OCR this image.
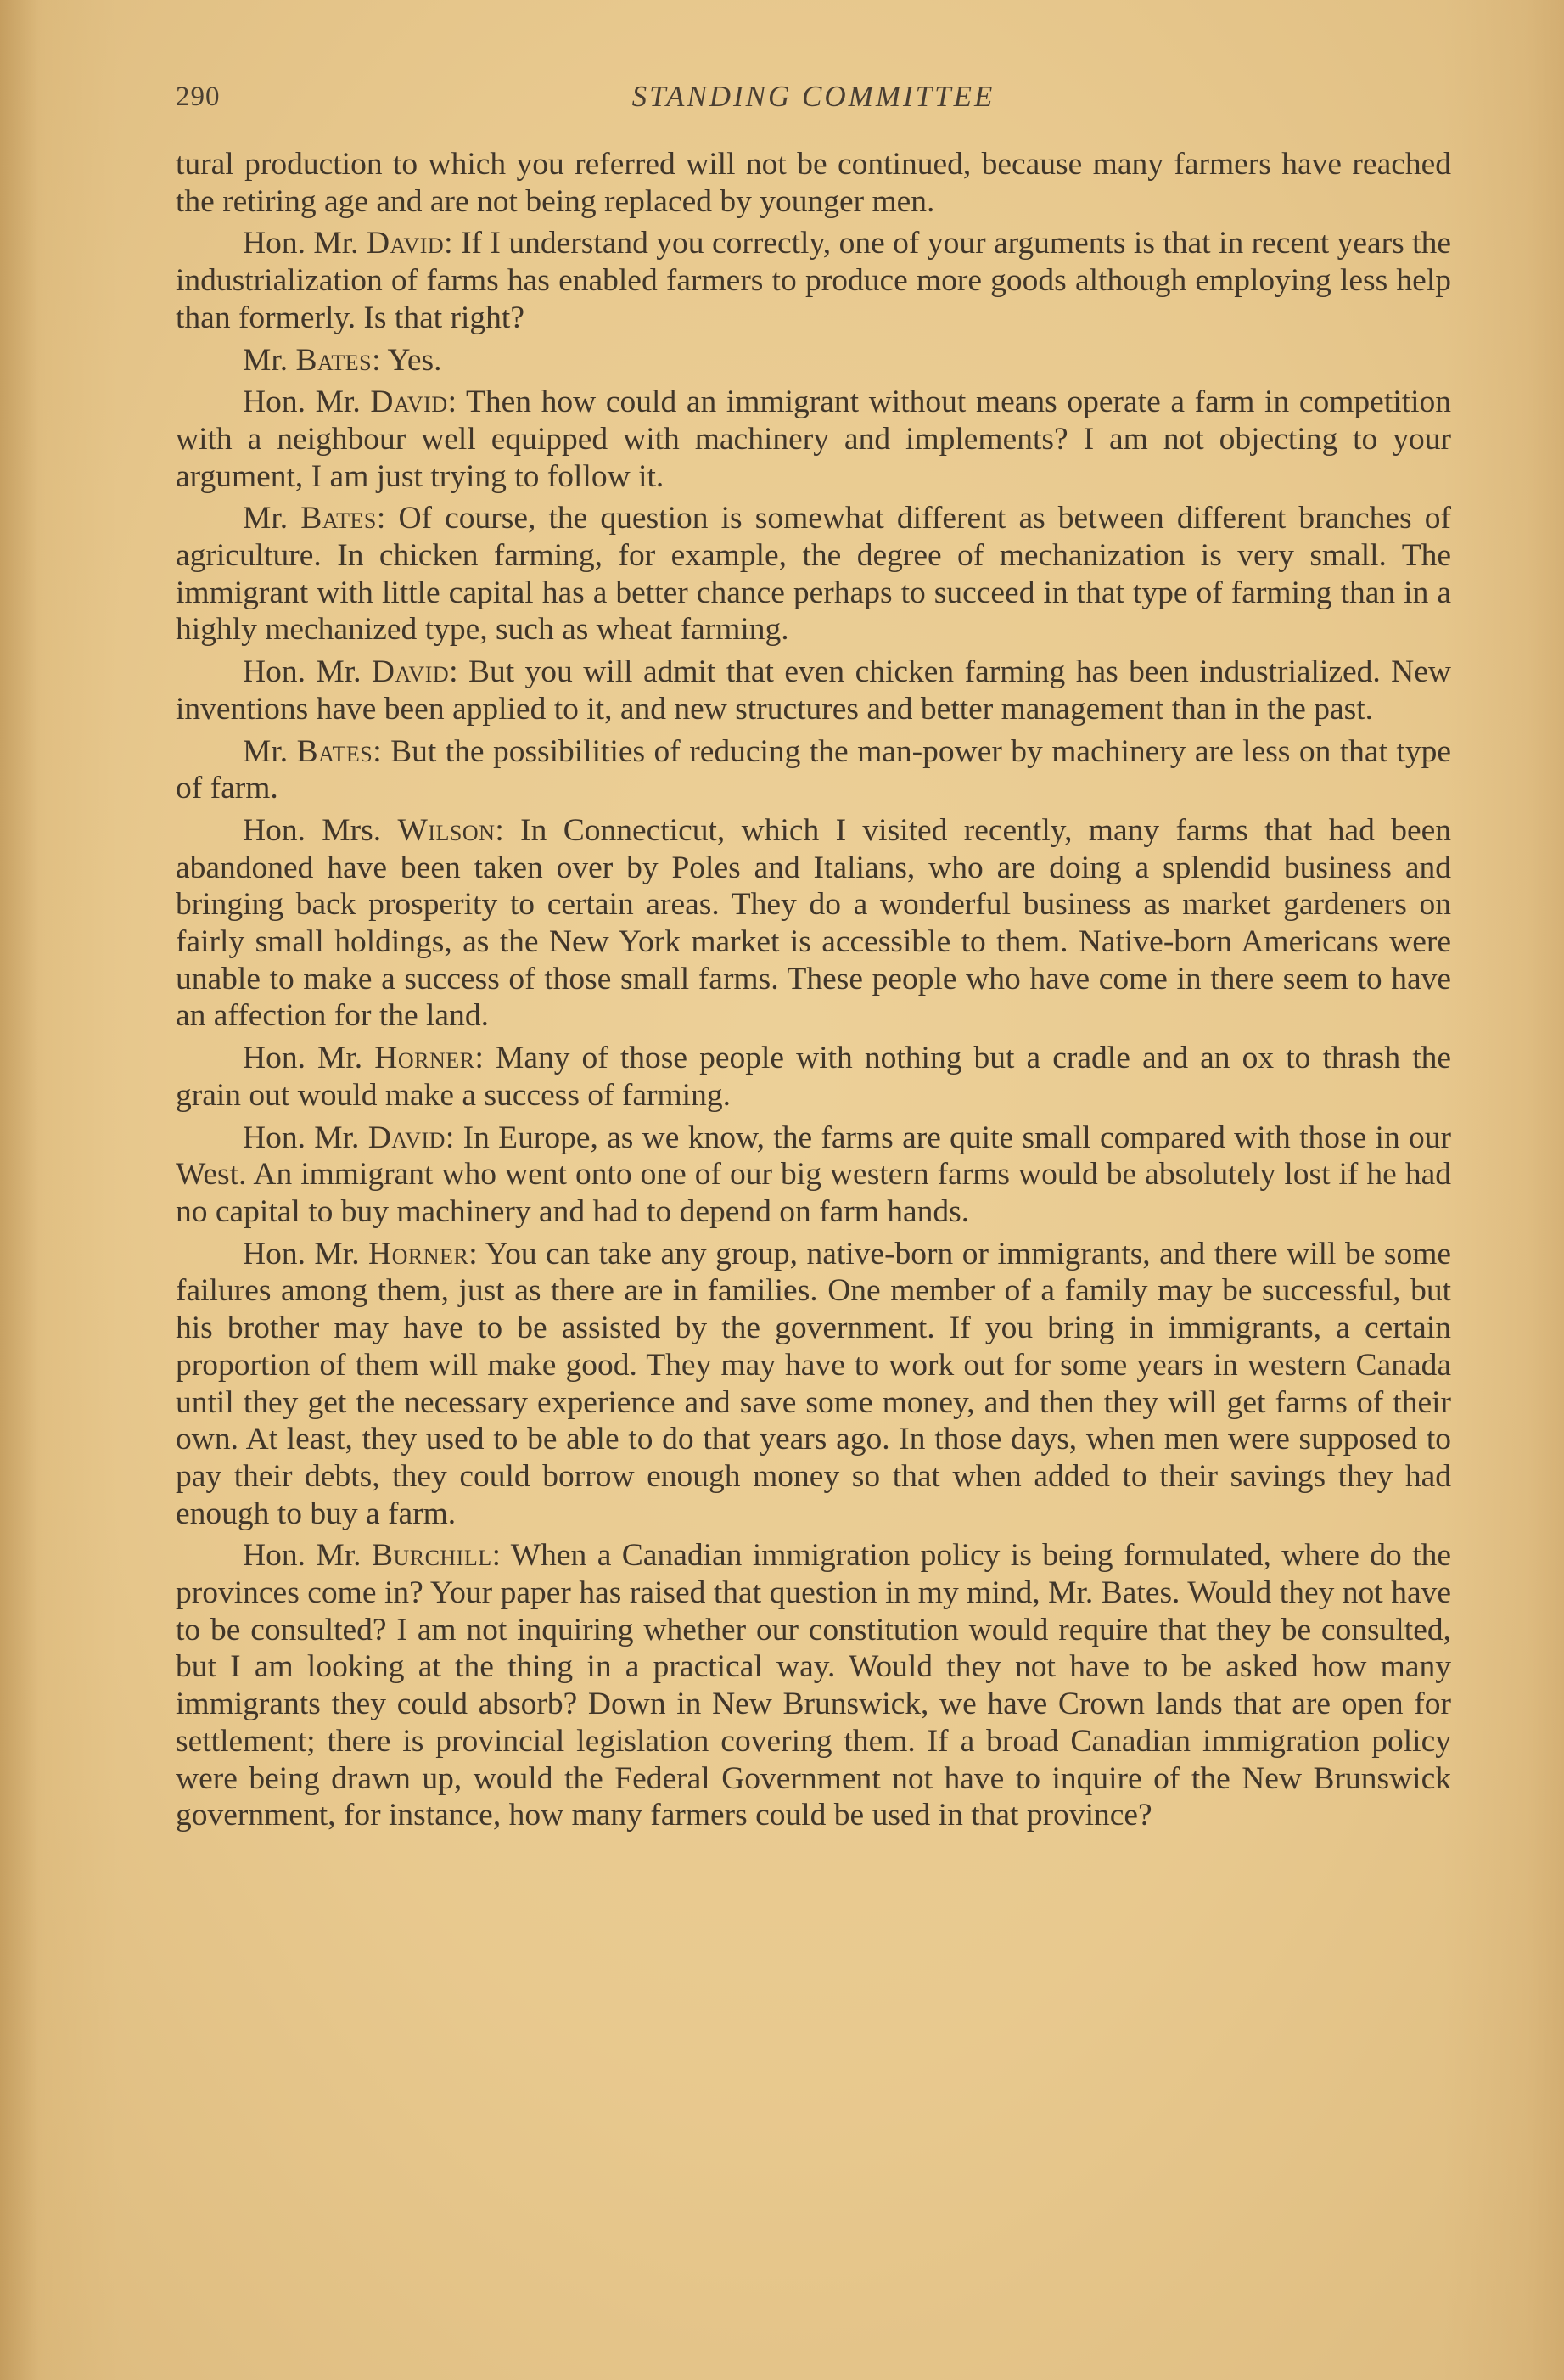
290	STANDING COMMITTEE

tural production to which you referred will not be continued, because many farmers have reached the retiring age and are not being replaced by younger men.

Hon. Mr. David: If I understand you correctly, one of your arguments is that in recent years the industrialization of farms has enabled farmers to produce more goods although employing less help than formerly. Is that right?

Mr. Bates: Yes.

Hon. Mr. David: Then how could an immigrant without means operate a farm in competition with a neighbour well equipped with machinery and implements? I am not objecting to your argument, I am just trying to follow it.

Mr. Bates: Of course, the question is somewhat different as between different branches of agriculture. In chicken farming, for example, the degree of mechanization is very small. The immigrant with little capital has a better chance perhaps to succeed in that type of farming than in a highly mechanized type, such as wheat farming.

Hon. Mr. David: But you will admit that even chicken farming has been industrialized. New inventions have been applied to it, and new structures and better management than in the past.

Mr. Bates: But the possibilities of reducing the man-power by machinery are less on that type of farm.

Hon. Mrs. Wilson: In Connecticut, which I visited recently, many farms that had been abandoned have been taken over by Poles and Italians, who are doing a splendid business and bringing back prosperity to certain areas. They do a wonderful business as market gardeners on fairly small holdings, as the New York market is accessible to them. Native-born Americans were unable to make a success of those small farms. These people who have come in there seem to have an affection for the land.

Hon. Mr. Horner: Many of those people with nothing but a cradle and an ox to thrash the grain out would make a success of farming.

Hon. Mr. David: In Europe, as we know, the farms are quite small compared with those in our West. An immigrant who went onto one of our big western farms would be absolutely lost if he had no capital to buy machinery and had to depend on farm hands.

Hon. Mr. Horner: You can take any group, native-born or immigrants, and there will be some failures among them, just as there are in families. One member of a family may be successful, but his brother may have to be assisted by the government. If you bring in immigrants, a certain proportion of them will make good. They may have to work out for some years in western Canada until they get the necessary experience and save some money, and then they will get farms of their own. At least, they used to be able to do that years ago. In those days, when men were supposed to pay their debts, they could borrow enough money so that when added to their savings they had enough to buy a farm.

Hon. Mr. Burchill: When a Canadian immigration policy is being formulated, where do the provinces come in? Your paper has raised that question in my mind, Mr. Bates. Would they not have to be consulted? I am not inquiring whether our constitution would require that they be consulted, but I am looking at the thing in a practical way. Would they not have to be asked how many immigrants they could absorb? Down in New Brunswick, we have Crown lands that are open for settlement; there is provincial legislation covering them. If a broad Canadian immigration policy were being drawn up, would the Federal Government not have to inquire of the New Brunswick government, for instance, how many farmers could be used in that province?
